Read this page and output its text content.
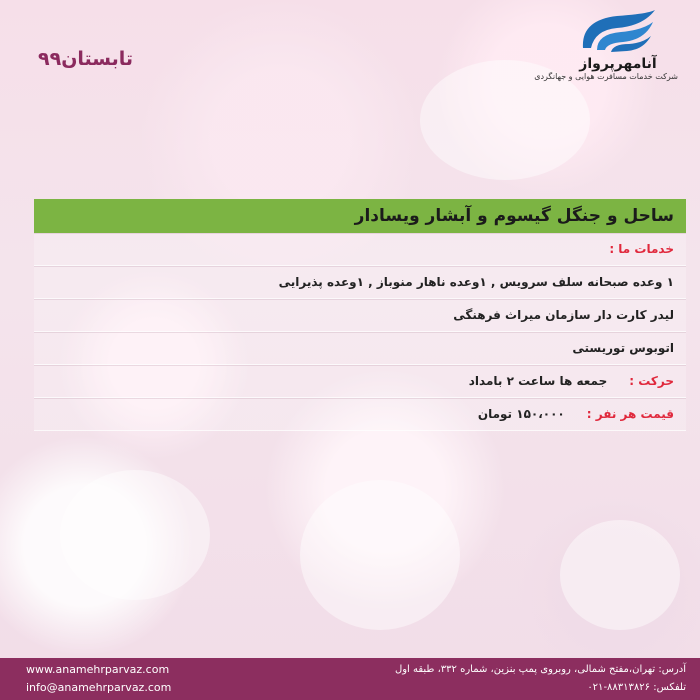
آنامهرپرواز
شرکت خدمات مسافرت هوایی و جهانگردی
تابستان۹۹
ساحل و جنگل گیسوم و آبشار ویسادار
خدمات ما :
۱ وعده صبحانه سلف سرویس , ۱وعده ناهار منوباز , ۱وعده پذیرایی
لیدر کارت دار سازمان میراث فرهنگی
اتوبوس توریستی
حرکت :جمعه ها ساعت ۲ بامداد
قیمت هر نفر :۱۵۰،۰۰۰ تومان
www.anamehrparvaz.com
info@anamehrparvaz.com
آدرس: تهران،مفتح شمالی، روبروی پمپ بنزین، شماره ۳۳۲، طبقه اول
تلفکس: ۸۸۳۱۳۸۲۶-۰۲۱
